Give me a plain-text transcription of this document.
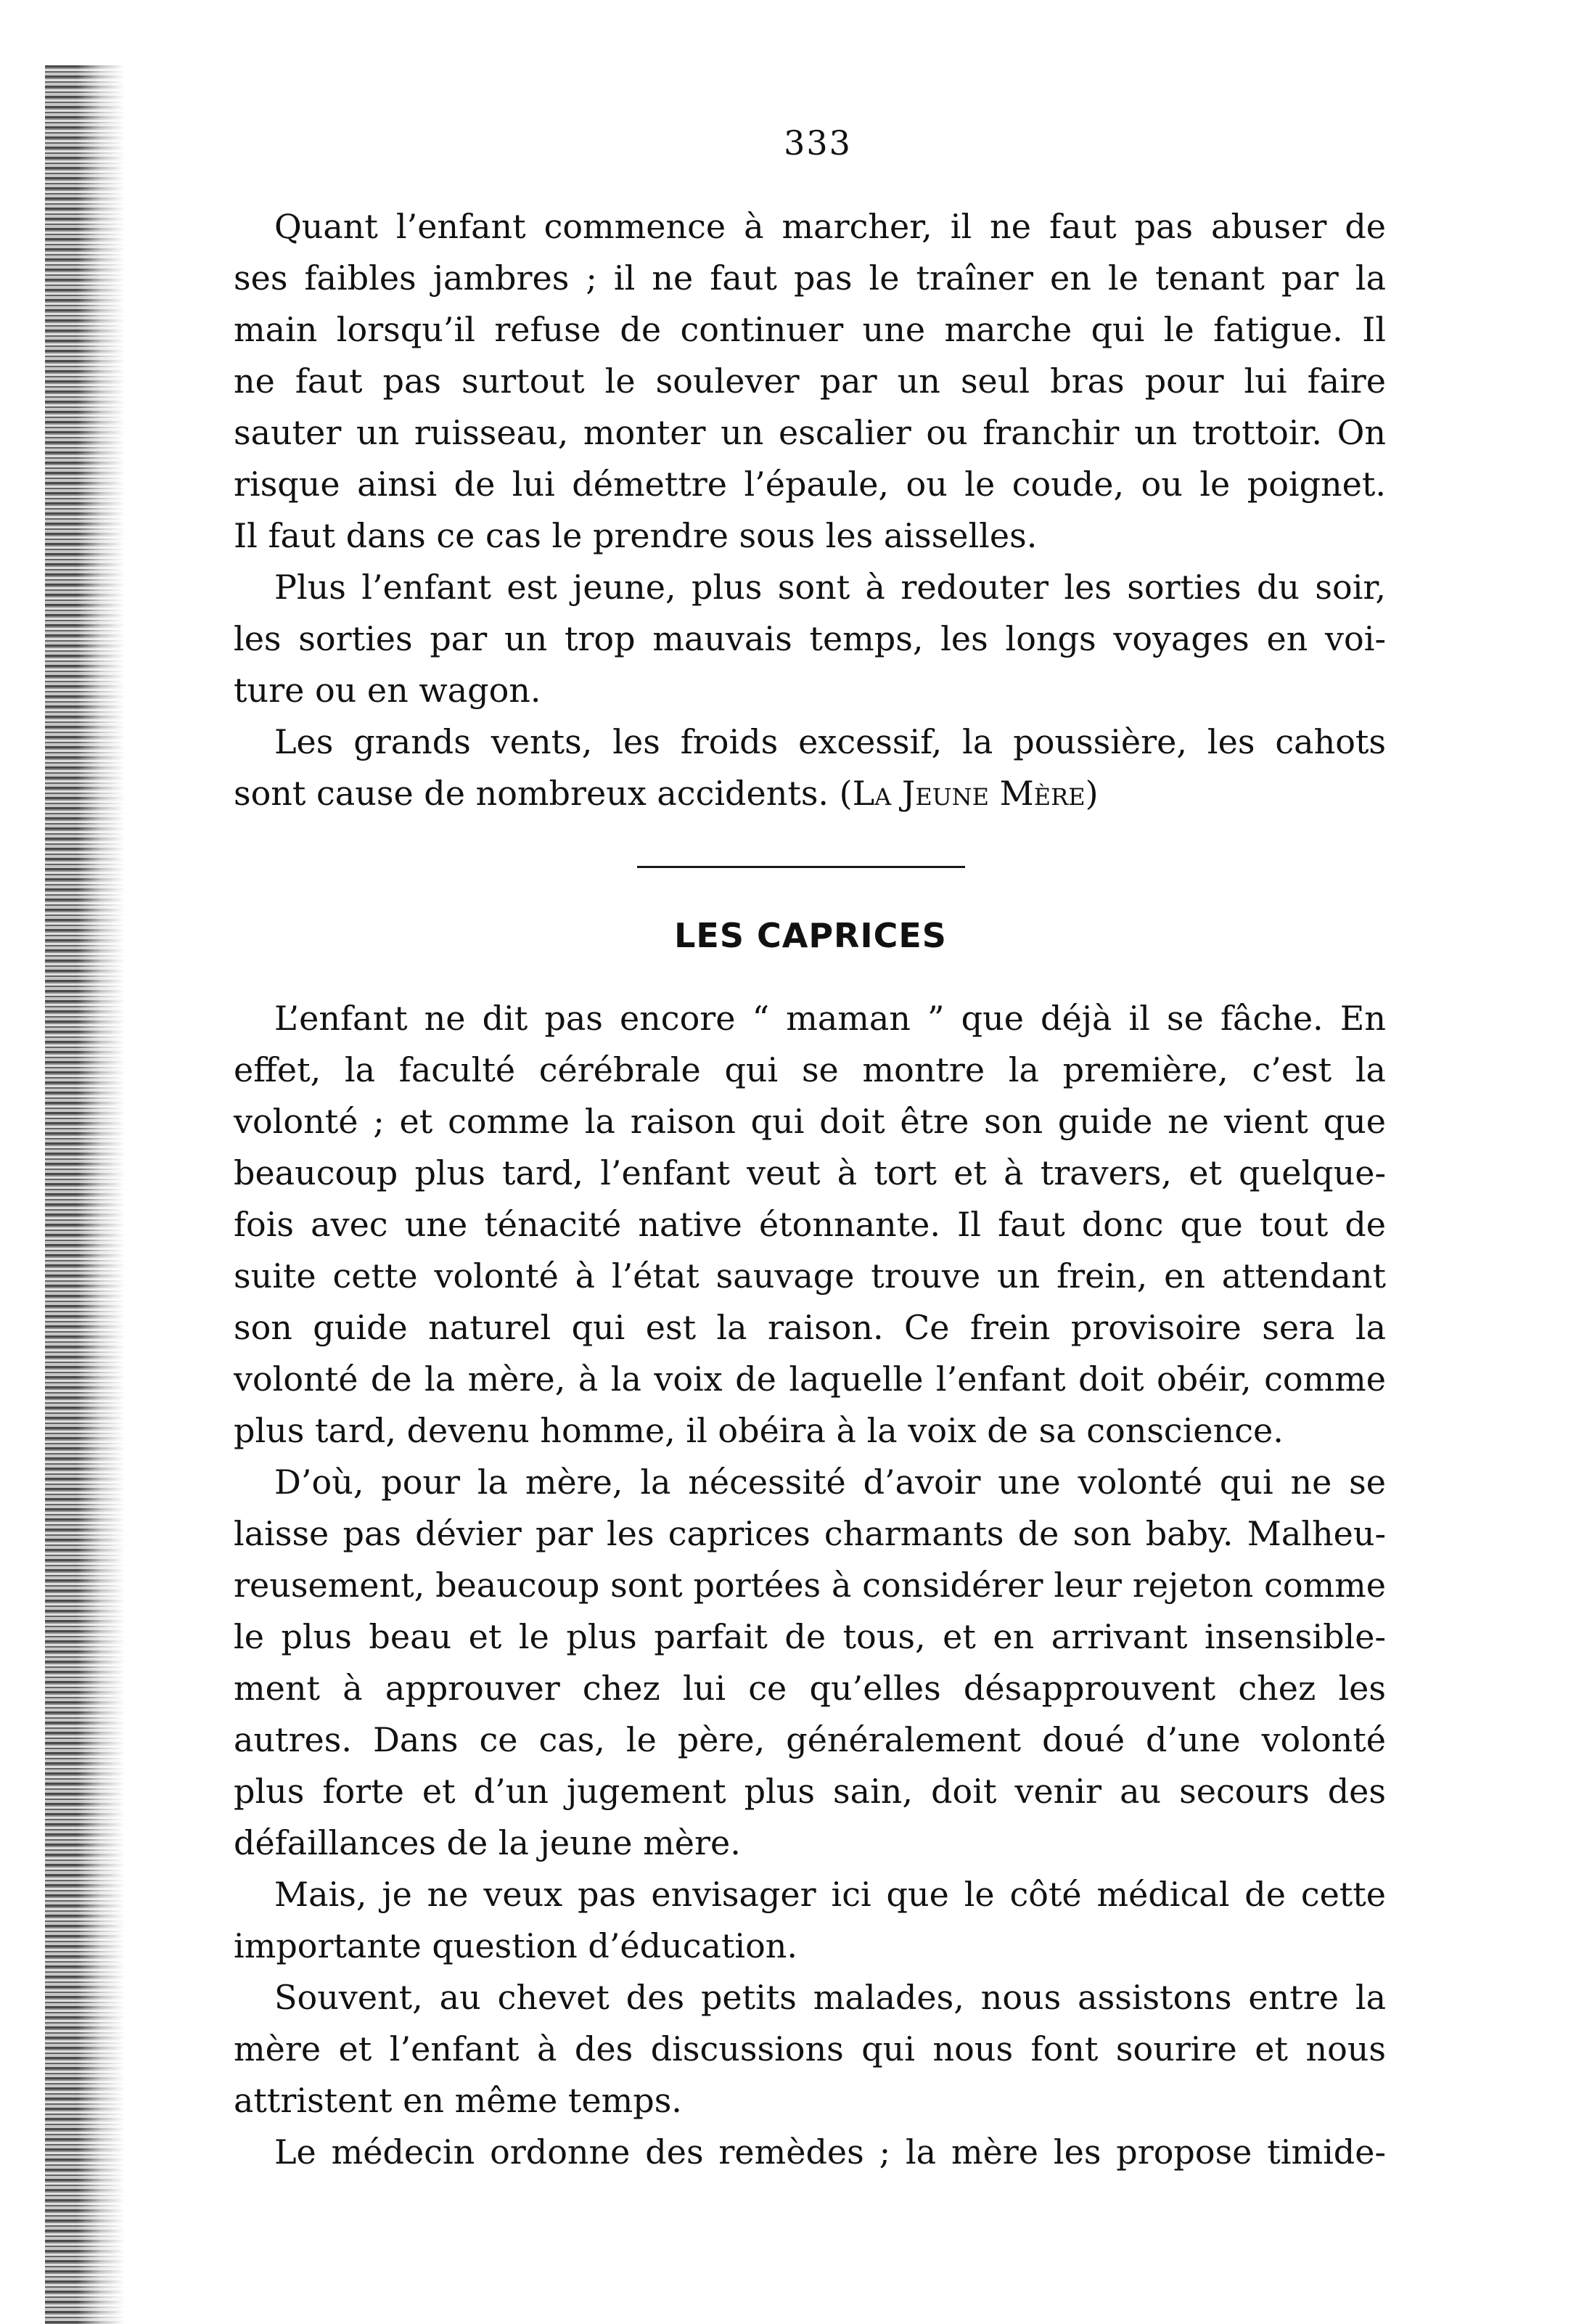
333
Quant l’enfant commence à marcher, il ne faut pas abuser de
ses faibles jambres ; il ne faut pas le traîner en le tenant par la
main lorsqu’il refuse de continuer une marche qui le fatigue. Il
ne faut pas surtout le soulever par un seul bras pour lui faire
sauter un ruisseau, monter un escalier ou franchir un trottoir. On
risque ainsi de lui démettre l’épaule, ou le coude, ou le poignet.
Il faut dans ce cas le prendre sous les aisselles.
Plus l’enfant est jeune, plus sont à redouter les sorties du soir,
les sorties par un trop mauvais temps, les longs voyages en voi-
ture ou en wagon.
Les grands vents, les froids excessif, la poussière, les cahots
sont cause de nombreux accidents. (La Jeune Mère)
LES CAPRICES
L’enfant ne dit pas encore “ maman ” que déjà il se fâche. En
effet, la faculté cérébrale qui se montre la première, c’est la
volonté ; et comme la raison qui doit être son guide ne vient que
beaucoup plus tard, l’enfant veut à tort et à travers, et quelque-
fois avec une ténacité native étonnante. Il faut donc que tout de
suite cette volonté à l’état sauvage trouve un frein, en attendant
son guide naturel qui est la raison. Ce frein provisoire sera la
volonté de la mère, à la voix de laquelle l’enfant doit obéir, comme
plus tard, devenu homme, il obéira à la voix de sa conscience.
D’où, pour la mère, la nécessité d’avoir une volonté qui ne se
laisse pas dévier par les caprices charmants de son baby. Malheu-
reusement, beaucoup sont portées à considérer leur rejeton comme
le plus beau et le plus parfait de tous, et en arrivant insensible-
ment à approuver chez lui ce qu’elles désapprouvent chez les
autres. Dans ce cas, le père, généralement doué d’une volonté
plus forte et d’un jugement plus sain, doit venir au secours des
défaillances de la jeune mère.
Mais, je ne veux pas envisager ici que le côté médical de cette
importante question d’éducation.
Souvent, au chevet des petits malades, nous assistons entre la
mère et l’enfant à des discussions qui nous font sourire et nous
attristent en même temps.
Le médecin ordonne des remèdes ; la mère les propose timide-
